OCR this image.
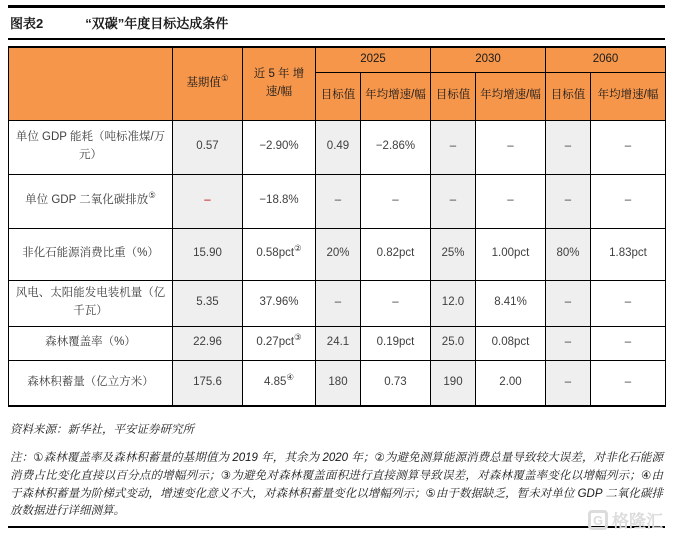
图表2	“双碳”年度目标达成条件
	基期值①	近 5 年 增速/幅	2025		2030		2060	
			目标值	年均增速/幅	目标值	年均增速/幅	目标值	年均增速/幅
单位 GDP 能耗（吨标准煤/万元）	0.57	−2.90%	0.49	−2.86%	–	–	–	–
单位 GDP 二氧化碳排放⑤	–	−18.8%	–	–	–	–	–	–
非化石能源消费比重（%）	15.90	0.58pct②	20%	0.82pct	25%	1.00pct	80%	1.83pct
风电、太阳能发电装机量（亿千瓦）	5.35	37.96%	–	–	12.0	8.41%	–	–
森林覆盖率（%）	22.96	0.27pct③	24.1	0.19pct	25.0	0.08pct	–	–
森林积蓄量（亿立方米）	175.6	4.85④	180	0.73	190	2.00	–	–
资料来源：新华社，平安证券研究所
注：①森林覆盖率及森林积蓄量的基期值为 2019 年，其余为 2020 年；②为避免测算能源消费总量导致较大误差，对非化石能源消费占比变化直接以百分点的增幅列示；③为避免对森林覆盖面积进行直接测算导致误差，对森林覆盖率变化以增幅列示；④由于森林积蓄量为阶梯式变动，增速变化意义不大，对森林积蓄量变化以增幅列示；⑤由于数据缺乏，暂未对单位 GDP 二氧化碳排放数据进行详细测算。
G 格隆汇
